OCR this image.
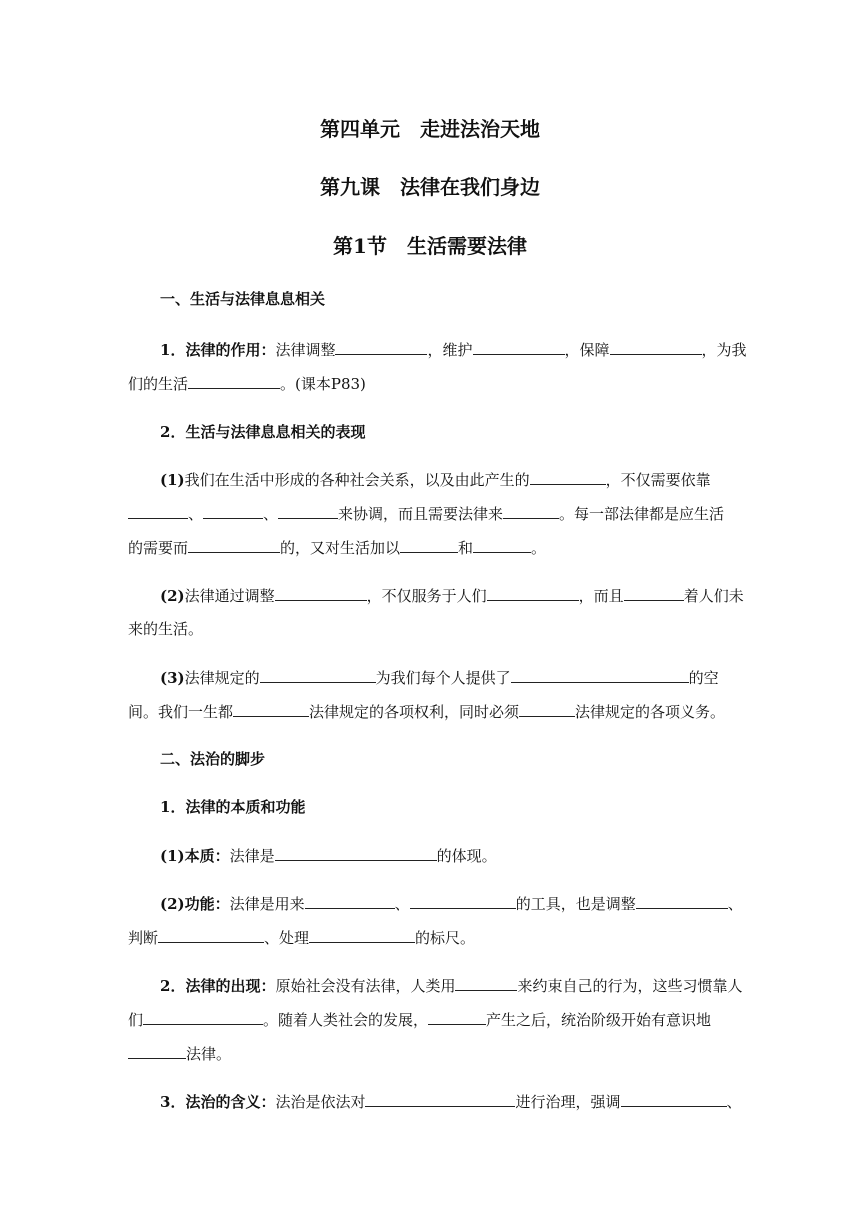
第四单元　走进法治天地
第九课　法律在我们身边
第1节　生活需要法律
一、生活与法律息息相关
1．法律的作用：法律调整	，维护	，保障	，为我
们的生活	。(课本P83)
2．生活与法律息息相关的表现
(1)我们在生活中形成的各种社会关系，以及由此产生的	，不仅需要依靠
、	、	来协调，而且需要法律来	。每一部法律都是应生活
的需要而	的，又对生活加以	和	。
(2)法律通过调整	，不仅服务于人们	，而且	着人们未
来的生活。
(3)法律规定的	为我们每个人提供了	的空
间。我们一生都	法律规定的各项权利，同时必须	法律规定的各项义务。
二、法治的脚步
1．法律的本质和功能
(1)本质：法律是	的体现。
(2)功能：法律是用来	、	的工具，也是调整	、
判断	、处理	的标尺。
2．法律的出现：原始社会没有法律，人类用	来约束自己的行为，这些习惯靠人
们	。随着人类社会的发展，	产生之后，统治阶级开始有意识地
法律。
3．法治的含义：法治是依法对	进行治理，强调	、
